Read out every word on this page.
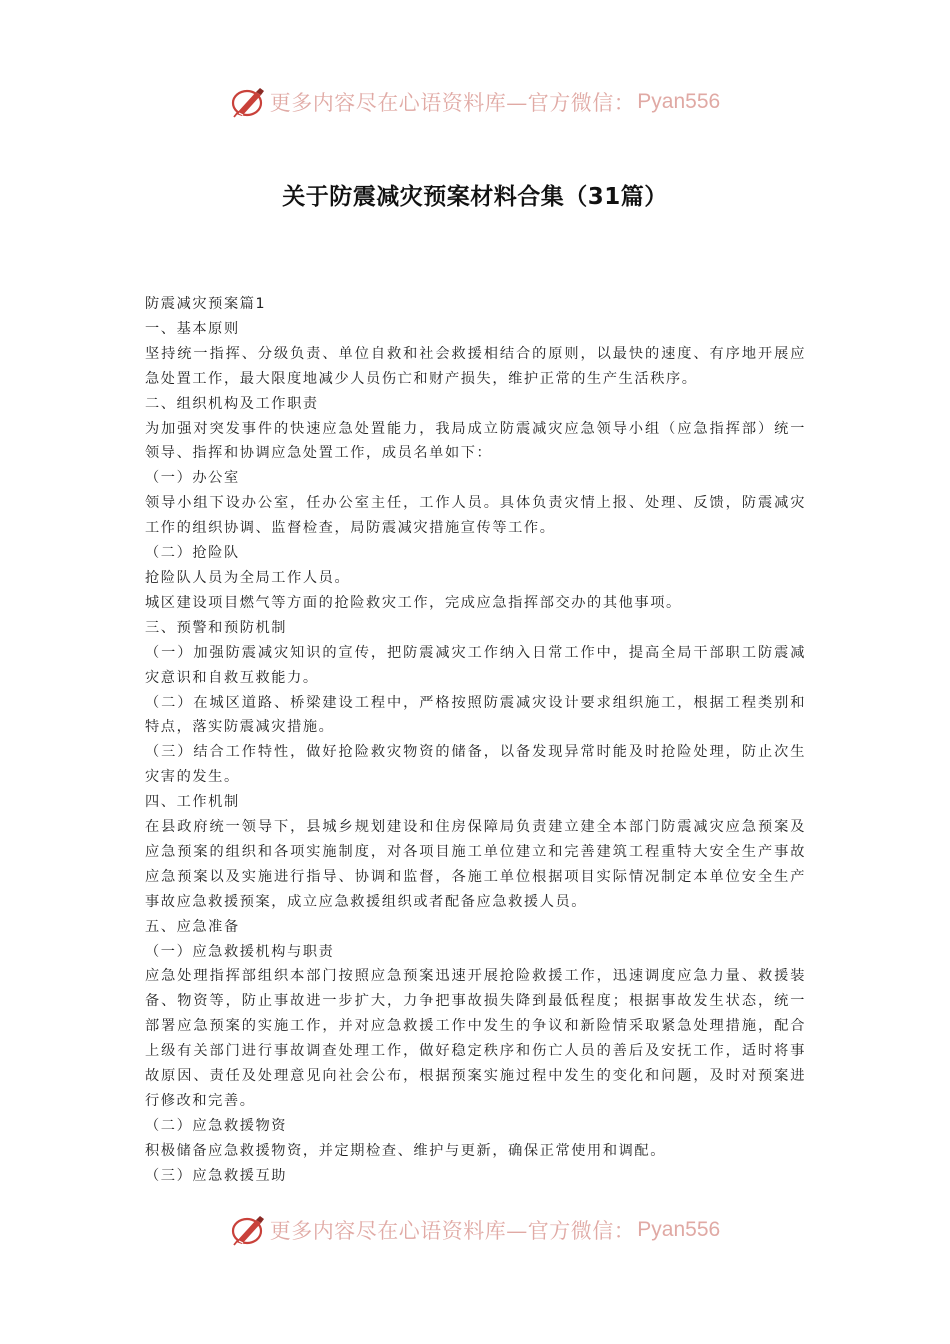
更多内容尽在心语资料库—官方微信： Pyan556
关于防震减灾预案材料合集（31篇）

防震减灾预案篇1

一、基本原则

坚持统一指挥、分级负责、单位自救和社会救援相结合的原则，以最快的速度、有序地开展应急处置工作，最大限度地减少人员伤亡和财产损失，维护正常的生产生活秩序。

二、组织机构及工作职责

为加强对突发事件的快速应急处置能力，我局成立防震减灾应急领导小组（应急指挥部）统一领导、指挥和协调应急处置工作，成员名单如下：

（一）办公室

领导小组下设办公室，任办公室主任，工作人员。具体负责灾情上报、处理、反馈，防震减灾工作的组织协调、监督检查，局防震减灾措施宣传等工作。

（二）抢险队

抢险队人员为全局工作人员。

城区建设项目燃气等方面的抢险救灾工作，完成应急指挥部交办的其他事项。

三、预警和预防机制

（一）加强防震减灾知识的宣传，把防震减灾工作纳入日常工作中，提高全局干部职工防震减灾意识和自救互救能力。

（二）在城区道路、桥梁建设工程中，严格按照防震减灾设计要求组织施工，根据工程类别和特点，落实防震减灾措施。

（三）结合工作特性，做好抢险救灾物资的储备，以备发现异常时能及时抢险处理，防止次生灾害的发生。

四、工作机制

在县政府统一领导下，县城乡规划建设和住房保障局负责建立建全本部门防震减灾应急预案及应急预案的组织和各项实施制度，对各项目施工单位建立和完善建筑工程重特大安全生产事故应急预案以及实施进行指导、协调和监督，各施工单位根据项目实际情况制定本单位安全生产事故应急救援预案，成立应急救援组织或者配备应急救援人员。

五、应急准备

（一）应急救援机构与职责

应急处理指挥部组织本部门按照应急预案迅速开展抢险救援工作，迅速调度应急力量、救援装备、物资等，防止事故进一步扩大，力争把事故损失降到最低程度；根据事故发生状态，统一部署应急预案的实施工作，并对应急救援工作中发生的争议和新险情采取紧急处理措施，配合上级有关部门进行事故调查处理工作，做好稳定秩序和伤亡人员的善后及安抚工作，适时将事故原因、责任及处理意见向社会公布，根据预案实施过程中发生的变化和问题，及时对预案进行修改和完善。

（二）应急救援物资

积极储备应急救援物资，并定期检查、维护与更新，确保正常使用和调配。

（三）应急救援互助

更多内容尽在心语资料库—官方微信： Pyan556
